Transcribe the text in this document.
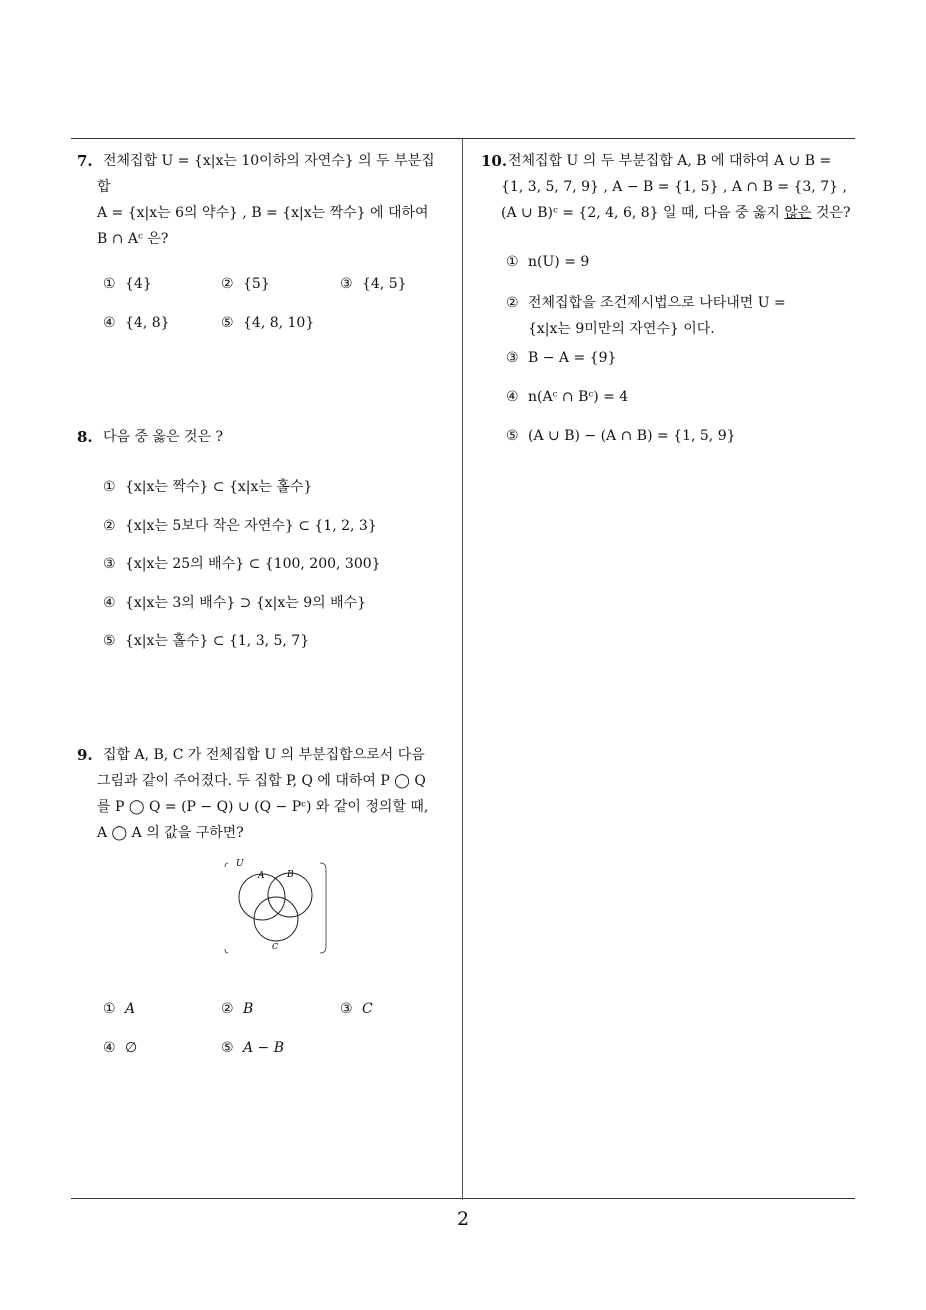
7. 전체집합 U = {x|x는 10이하의 자연수} 의 두 부분집
합
A = {x|x는 6의 약수} , B = {x|x는 짝수} 에 대하여
B ∩ Aᶜ 은?
① {4}	② {5}	③ {4, 5}
④ {4, 8}	⑤ {4, 8, 10}
8. 다음 중 옳은 것은 ?
① {x|x는 짝수} ⊂ {x|x는 홀수}
② {x|x는 5보다 작은 자연수} ⊂ {1, 2, 3}
③ {x|x는 25의 배수} ⊂ {100, 200, 300}
④ {x|x는 3의 배수} ⊃ {x|x는 9의 배수}
⑤ {x|x는 홀수} ⊂ {1, 3, 5, 7}
9. 집합 A, B, C 가 전체집합 U 의 부분집합으로서 다음
그림과 같이 주어졌다. 두 집합 P, Q 에 대하여 P ◯ Q
를 P ◯ Q = (P − Q) ∪ (Q − Pᶜ) 와 같이 정의할 때,
A ◯ A 의 값을 구하면?
U
A	B
C
① A	② B	③ C
④ ∅	⑤ A − B
10. 전체집합 U 의 두 부분집합 A, B 에 대하여 A ∪ B =
{1, 3, 5, 7, 9} , A − B = {1, 5} , A ∩ B = {3, 7} ,
(A ∪ B)ᶜ = {2, 4, 6, 8} 일 때, 다음 중 옳지 않은 것은?
① n(U) = 9
② 전체집합을 조건제시법으로 나타내면 U =
{x|x는 9미만의 자연수} 이다.
③ B − A = {9}
④ n(Aᶜ ∩ Bᶜ) = 4
⑤ (A ∪ B) − (A ∩ B) = {1, 5, 9}
2
